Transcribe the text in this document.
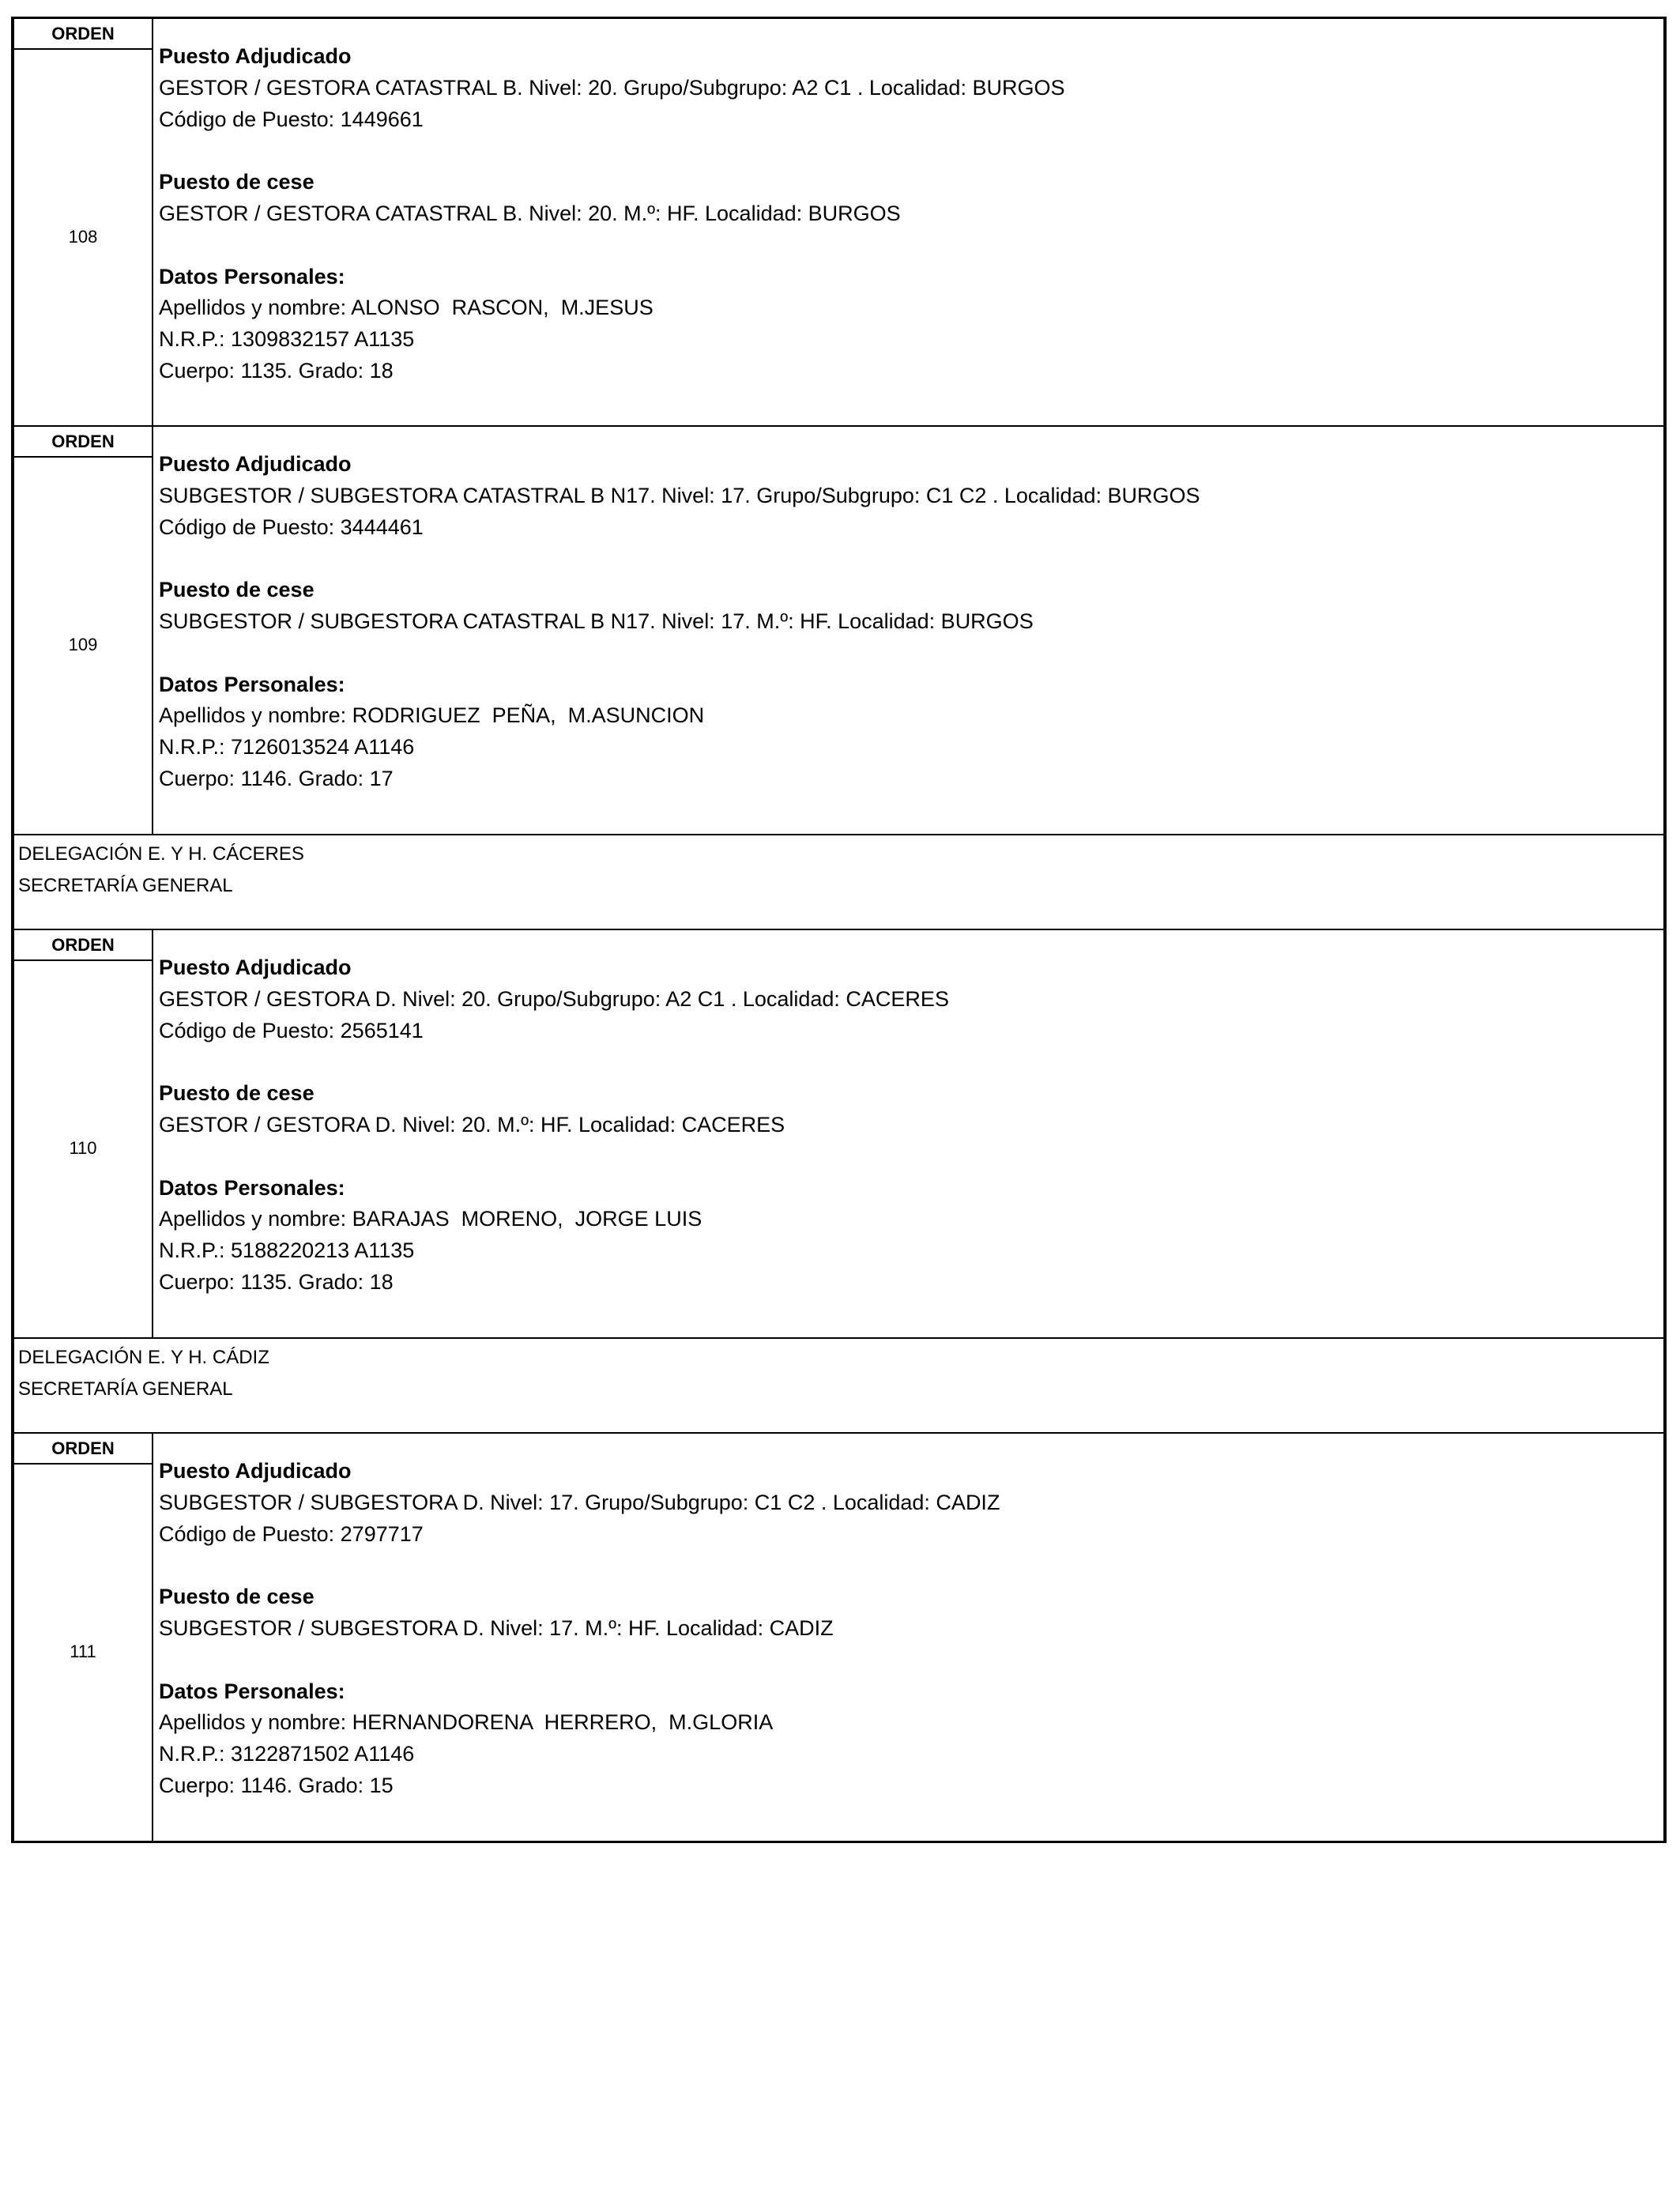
ORDEN
108
Puesto Adjudicado
GESTOR / GESTORA CATASTRAL B. Nivel: 20. Grupo/Subgrupo: A2 C1 . Localidad: BURGOS
Código de Puesto: 1449661
Puesto de cese
GESTOR / GESTORA CATASTRAL B. Nivel: 20. M.º: HF. Localidad: BURGOS
Datos Personales:
Apellidos y nombre: ALONSO  RASCON,  M.JESUS
N.R.P.: 1309832157 A1135
Cuerpo: 1135. Grado: 18
ORDEN
109
Puesto Adjudicado
SUBGESTOR / SUBGESTORA CATASTRAL B N17. Nivel: 17. Grupo/Subgrupo: C1 C2 . Localidad: BURGOS
Código de Puesto: 3444461
Puesto de cese
SUBGESTOR / SUBGESTORA CATASTRAL B N17. Nivel: 17. M.º: HF. Localidad: BURGOS
Datos Personales:
Apellidos y nombre: RODRIGUEZ  PEÑA,  M.ASUNCION
N.R.P.: 7126013524 A1146
Cuerpo: 1146. Grado: 17
DELEGACIÓN E. Y H. CÁCERES
SECRETARÍA GENERAL
ORDEN
110
Puesto Adjudicado
GESTOR / GESTORA D. Nivel: 20. Grupo/Subgrupo: A2 C1 . Localidad: CACERES
Código de Puesto: 2565141
Puesto de cese
GESTOR / GESTORA D. Nivel: 20. M.º: HF. Localidad: CACERES
Datos Personales:
Apellidos y nombre: BARAJAS  MORENO,  JORGE LUIS
N.R.P.: 5188220213 A1135
Cuerpo: 1135. Grado: 18
DELEGACIÓN E. Y H. CÁDIZ
SECRETARÍA GENERAL
ORDEN
111
Puesto Adjudicado
SUBGESTOR / SUBGESTORA D. Nivel: 17. Grupo/Subgrupo: C1 C2 . Localidad: CADIZ
Código de Puesto: 2797717
Puesto de cese
SUBGESTOR / SUBGESTORA D. Nivel: 17. M.º: HF. Localidad: CADIZ
Datos Personales:
Apellidos y nombre: HERNANDORENA  HERRERO,  M.GLORIA
N.R.P.: 3122871502 A1146
Cuerpo: 1146. Grado: 15
